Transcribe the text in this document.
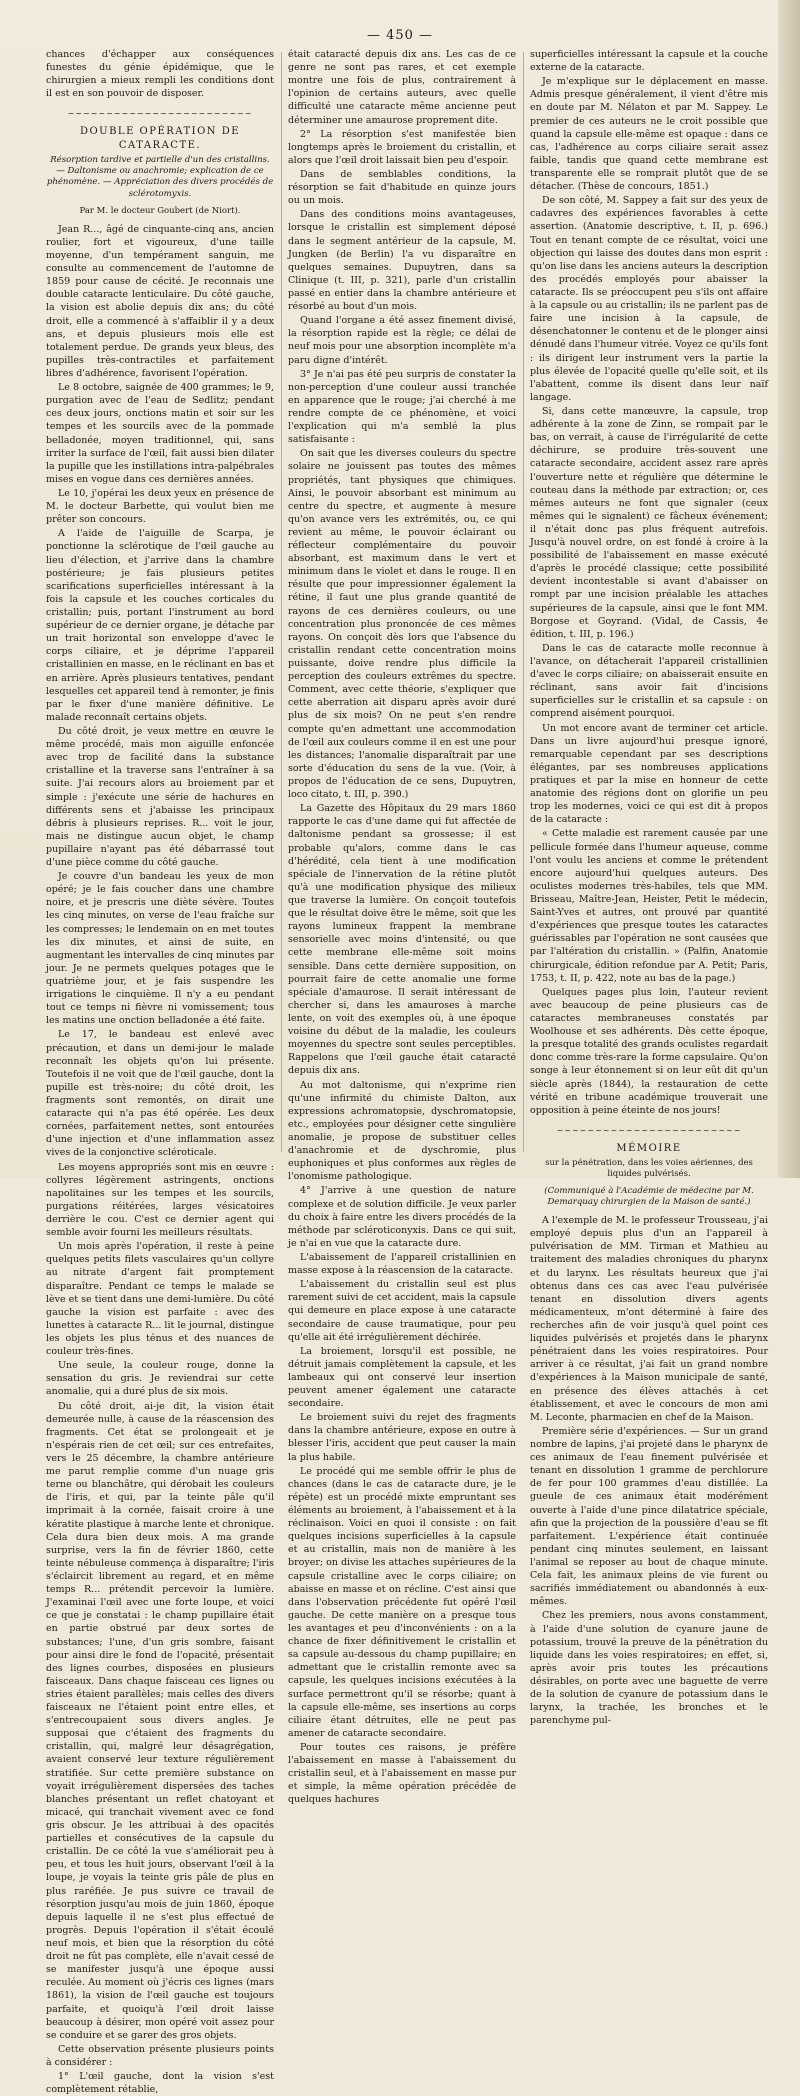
— 450 —

chances d'échapper aux conséquences funestes du génie épidémique, que le chirurgien a mieux rempli les conditions dont il est en son pouvoir de disposer.

~~~~~~~~~~~~~~~~~~~~~~~~
DOUBLE OPÉRATION DE CATARACTE.
Résorption tardive et partielle d'un des cristallins. — Daltonisme ou anachromie; explication de ce phénomène. — Appréciation des divers procédés de sclérotomyxis.
Par M. le docteur Goubert (de Niort).

Jean R..., âgé de cinquante-cinq ans, ancien roulier, fort et vigoureux, d'une taille moyenne, d'un tempérament sanguin, me consulte au commencement de l'automne de 1859 pour cause de cécité. Je reconnais une double cataracte lenticulaire. Du côté gauche, la vision est abolie depuis dix ans; du côté droit, elle a commencé à s'affaiblir il y a deux ans, et depuis plusieurs mois elle est totalement perdue. De grands yeux bleus, des pupilles très-contractiles et parfaitement libres d'adhérence, favorisent l'opération.

Le 8 octobre, saignée de 400 grammes; le 9, purgation avec de l'eau de Sedlitz; pendant ces deux jours, onctions matin et soir sur les tempes et les sourcils avec de la pommade belladonée, moyen traditionnel, qui, sans irriter la surface de l'œil, fait aussi bien dilater la pupille que les instillations intra-palpébrales mises en vogue dans ces dernières années.

Le 10, j'opérai les deux yeux en présence de M. le docteur Barbette, qui voulut bien me prêter son concours.

A l'aide de l'aiguille de Scarpa, je ponctionne la sclérotique de l'œil gauche au lieu d'élection, et j'arrive dans la chambre postérieure; je fais plusieurs petites scarifications superficielles intéressant à la fois la capsule et les couches corticales du cristallin; puis, portant l'instrument au bord supérieur de ce dernier organe, je détache par un trait horizontal son enveloppe d'avec le corps ciliaire, et je déprime l'appareil cristallinien en masse, en le réclinant en bas et en arrière. Après plusieurs tentatives, pendant lesquelles cet appareil tend à remonter, je finis par le fixer d'une manière définitive. Le malade reconnaît certains objets.

Du côté droit, je veux mettre en œuvre le même procédé, mais mon aiguille enfoncée avec trop de facilité dans la substance cristalline et la traverse sans l'entraîner à sa suite. J'ai recours alors au broiement par et simple : j'exécute une série de hachures en différents sens et j'abaisse les principaux débris à plusieurs reprises. R... voit le jour, mais ne distingue aucun objet, le champ pupillaire n'ayant pas été débarrassé tout d'une pièce comme du côté gauche.

Je couvre d'un bandeau les yeux de mon opéré; je le fais coucher dans une chambre noire, et je prescris une diète sévère. Toutes les cinq minutes, on verse de l'eau fraîche sur les compresses; le lendemain on en met toutes les dix minutes, et ainsi de suite, en augmentant les intervalles de cinq minutes par jour. Je ne permets quelques potages que le quatrième jour, et je fais suspendre les irrigations le cinquième. Il n'y a eu pendant tout ce temps ni fièvre ni vomissement; tous les matins une onction belladonée a été faite.

Le 17, le bandeau est enlevé avec précaution, et dans un demi-jour le malade reconnaît les objets qu'on lui présente. Toutefois il ne voit que de l'œil gauche, dont la pupille est très-noire; du côté droit, les fragments sont remontés, on dirait une cataracte qui n'a pas été opérée. Les deux cornées, parfaitement nettes, sont entourées d'une injection et d'une inflammation assez vives de la conjonctive scléroticale.

Les moyens appropriés sont mis en œuvre : collyres légèrement astringents, onctions napolitaines sur les tempes et les sourcils, purgations réitérées, larges vésicatoires derrière le cou. C'est ce dernier agent qui semble avoir fourni les meilleurs résultats.

Un mois après l'opération, il reste à peine quelques petits filets vasculaires qu'un collyre au nitrate d'argent fait promptement disparaître. Pendant ce temps le malade se lève et se tient dans une demi-lumière. Du côté gauche la vision est parfaite : avec des lunettes à cataracte R... lit le journal, distingue les objets les plus ténus et des nuances de couleur très-fines.

Une seule, la couleur rouge, donne la sensation du gris. Je reviendrai sur cette anomalie, qui a duré plus de six mois.

Du côté droit, ai-je dit, la vision était demeurée nulle, à cause de la réascension des fragments. Cet état se prolongeait et je n'espérais rien de cet œil; sur ces entrefaites, vers le 25 décembre, la chambre antérieure me parut remplie comme d'un nuage gris terne ou blanchâtre, qui dérobait les couleurs de l'iris, et qui, par la teinte pâle qu'il imprimait à la cornée, faisait croire à une kératite plastique à marche lente et chronique. Cela dura bien deux mois. A ma grande surprise, vers la fin de février 1860, cette teinte nébuleuse commença à disparaître; l'iris s'éclaircit librement au regard, et en même temps R... prétendit percevoir la lumière. J'examinai l'œil avec une forte loupe, et voici ce que je constatai : le champ pupillaire était en partie obstrué par deux sortes de substances; l'une, d'un gris sombre, faisant pour ainsi dire le fond de l'opacité, présentait des lignes courbes, disposées en plusieurs faisceaux. Dans chaque faisceau ces lignes ou stries étaient parallèles; mais celles des divers faisceaux ne l'étaient point entre elles, et s'entrecoupaient sous divers angles. Je supposai que c'étaient des fragments du cristallin, qui, malgré leur désagrégation, avaient conservé leur texture régulièrement stratifiée. Sur cette première substance on voyait irrégulièrement dispersées des taches blanches présentant un reflet chatoyant et micacé, qui tranchait vivement avec ce fond gris obscur. Je les attribuai à des opacités partielles et consécutives de la capsule du cristallin. De ce côté la vue s'améliorait peu à peu, et tous les huit jours, observant l'œil à la loupe, je voyais la teinte gris pâle de plus en plus raréfiée. Je pus suivre ce travail de résorption jusqu'au mois de juin 1860, époque depuis laquelle il ne s'est plus effectué de progrès. Depuis l'opération il s'était écoulé neuf mois, et bien que la résorption du côté droit ne fût pas complète, elle n'avait cessé de se manifester jusqu'à une époque aussi reculée. Au moment où j'écris ces lignes (mars 1861), la vision de l'œil gauche est toujours parfaite, et quoiqu'à l'œil droit laisse beaucoup à désirer, mon opéré voit assez pour se conduire et se garer des gros objets.

Cette observation présente plusieurs points à considérer :

1° L'œil gauche, dont la vision s'est complètement rétablie,

était cataracté depuis dix ans. Les cas de ce genre ne sont pas rares, et cet exemple montre une fois de plus, contrairement à l'opinion de certains auteurs, avec quelle difficulté une cataracte même ancienne peut déterminer une amaurose proprement dite.

2° La résorption s'est manifestée bien longtemps après le broiement du cristallin, et alors que l'œil droit laissait bien peu d'espoir.

Dans de semblables conditions, la résorption se fait d'habitude en quinze jours ou un mois.

Dans des conditions moins avantageuses, lorsque le cristallin est simplement déposé dans le segment antérieur de la capsule, M. Jungken (de Berlin) l'a vu disparaître en quelques semaines. Dupuytren, dans sa Clinique (t. III, p. 321), parle d'un cristallin passé en entier dans la chambre antérieure et résorbé au bout d'un mois.

Quand l'organe a été assez finement divisé, la résorption rapide est la règle; ce délai de neuf mois pour une absorption incomplète m'a paru digne d'intérêt.

3° Je n'ai pas été peu surpris de constater la non-perception d'une couleur aussi tranchée en apparence que le rouge; j'ai cherché à me rendre compte de ce phénomène, et voici l'explication qui m'a semblé la plus satisfaisante :

On sait que les diverses couleurs du spectre solaire ne jouissent pas toutes des mêmes propriétés, tant physiques que chimiques. Ainsi, le pouvoir absorbant est minimum au centre du spectre, et augmente à mesure qu'on avance vers les extrémités, ou, ce qui revient au même, le pouvoir éclairant ou réflecteur complémentaire du pouvoir absorbant, est maximum dans le vert et minimum dans le violet et dans le rouge. Il en résulte que pour impressionner également la rétine, il faut une plus grande quantité de rayons de ces dernières couleurs, ou une concentration plus prononcée de ces mêmes rayons. On conçoit dès lors que l'absence du cristallin rendant cette concentration moins puissante, doive rendre plus difficile la perception des couleurs extrêmes du spectre. Comment, avec cette théorie, s'expliquer que cette aberration ait disparu après avoir duré plus de six mois? On ne peut s'en rendre compte qu'en admettant une accommodation de l'œil aux couleurs comme il en est une pour les distances; l'anomalie disparaîtrait par une sorte d'éducation du sens de la vue. (Voir, à propos de l'éducation de ce sens, Dupuytren, loco citato, t. III, p. 390.)

La Gazette des Hôpitaux du 29 mars 1860 rapporte le cas d'une dame qui fut affectée de daltonisme pendant sa grossesse; il est probable qu'alors, comme dans le cas d'hérédité, cela tient à une modification spéciale de l'innervation de la rétine plutôt qu'à une modification physique des milieux que traverse la lumière. On conçoit toutefois que le résultat doive être le même, soit que les rayons lumineux frappent la membrane sensorielle avec moins d'intensité, ou que cette membrane elle-même soit moins sensible. Dans cette dernière supposition, on pourrait faire de cette anomalie une forme spéciale d'amaurose. Il serait intéressant de chercher si, dans les amauroses à marche lente, on voit des exemples où, à une époque voisine du début de la maladie, les couleurs moyennes du spectre sont seules perceptibles. Rappelons que l'œil gauche était cataracté depuis dix ans.

Au mot daltonisme, qui n'exprime rien qu'une infirmité du chimiste Dalton, aux expressions achromatopsie, dyschromatopsie, etc., employées pour désigner cette singulière anomalie, je propose de substituer celles d'anachromie et de dyschromie, plus euphoniques et plus conformes aux règles de l'onomisme pathologique.

4° J'arrive à une question de nature complexe et de solution difficile. Je veux parler du choix à faire entre les divers procédés de la méthode par scléroticonyxis. Dans ce qui suit, je n'ai en vue que la cataracte dure.

L'abaissement de l'appareil cristallinien en masse expose à la réascension de la cataracte.

L'abaissement du cristallin seul est plus rarement suivi de cet accident, mais la capsule qui demeure en place expose à une cataracte secondaire de cause traumatique, pour peu qu'elle ait été irrégulièrement déchirée.

La broiement, lorsqu'il est possible, ne détruit jamais complètement la capsule, et les lambeaux qui ont conservé leur insertion peuvent amener également une cataracte secondaire.

Le broiement suivi du rejet des fragments dans la chambre antérieure, expose en outre à blesser l'iris, accident que peut causer la main la plus habile.

Le procédé qui me semble offrir le plus de chances (dans le cas de cataracte dure, je le répète) est un procédé mixte empruntant ses éléments au broiement, à l'abaissement et à la réclinaison. Voici en quoi il consiste : on fait quelques incisions superficielles à la capsule et au cristallin, mais non de manière à les broyer; on divise les attaches supérieures de la capsule cristalline avec le corps ciliaire; on abaisse en masse et on récline. C'est ainsi que dans l'observation précédente fut opéré l'œil gauche. De cette manière on a presque tous les avantages et peu d'inconvénients : on a la chance de fixer définitivement le cristallin et sa capsule au-dessous du champ pupillaire; en admettant que le cristallin remonte avec sa capsule, les quelques incisions exécutées à la surface permettront qu'il se résorbe; quant à la capsule elle-même, ses insertions au corps ciliaire étant détruites, elle ne peut pas amener de cataracte secondaire.

Pour toutes ces raisons, je préfère l'abaissement en masse à l'abaissement du cristallin seul, et à l'abaissement en masse pur et simple, la même opération précédée de quelques hachures

superficielles intéressant la capsule et la couche externe de la cataracte.

Je m'explique sur le déplacement en masse. Admis presque généralement, il vient d'être mis en doute par M. Nélaton et par M. Sappey. Le premier de ces auteurs ne le croit possible que quand la capsule elle-même est opaque : dans ce cas, l'adhérence au corps ciliaire serait assez faible, tandis que quand cette membrane est transparente elle se romprait plutôt que de se détacher. (Thèse de concours, 1851.)

De son côté, M. Sappey a fait sur des yeux de cadavres des expériences favorables à cette assertion. (Anatomie descriptive, t. II, p. 696.) Tout en tenant compte de ce résultat, voici une objection qui laisse des doutes dans mon esprit : qu'on lise dans les anciens auteurs la description des procédés employés pour abaisser la cataracte. Ils se préoccupent peu s'ils ont affaire à la capsule ou au cristallin; ils ne parlent pas de faire une incision à la capsule, de désenchatonner le contenu et de le plonger ainsi dénudé dans l'humeur vitrée. Voyez ce qu'ils font : ils dirigent leur instrument vers la partie la plus élevée de l'opacité quelle qu'elle soit, et ils l'abattent, comme ils disent dans leur naïf langage.

Si, dans cette manœuvre, la capsule, trop adhérente à la zone de Zinn, se rompait par le bas, on verrait, à cause de l'irrégularité de cette déchirure, se produire très-souvent une cataracte secondaire, accident assez rare après l'ouverture nette et régulière que détermine le couteau dans la méthode par extraction; or, ces mêmes auteurs ne font que signaler (ceux mêmes qui le signalent) ce fâcheux événement; il n'était donc pas plus fréquent autrefois. Jusqu'à nouvel ordre, on est fondé à croire à la possibilité de l'abaissement en masse exécuté d'après le procédé classique; cette possibilité devient incontestable si avant d'abaisser on rompt par une incision préalable les attaches supérieures de la capsule, ainsi que le font MM. Borgose et Goyrand. (Vidal, de Cassis, 4e édition, t. III, p. 196.)

Dans le cas de cataracte molle reconnue à l'avance, on détacherait l'appareil cristallinien d'avec le corps ciliaire; on abaisserait ensuite en réclinant, sans avoir fait d'incisions superficielles sur le cristallin et sa capsule : on comprend aisément pourquoi.

Un mot encore avant de terminer cet article. Dans un livre aujourd'hui presque ignoré, remarquable cependant par ses descriptions élégantes, par ses nombreuses applications pratiques et par la mise en honneur de cette anatomie des régions dont on glorifie un peu trop les modernes, voici ce qui est dit à propos de la cataracte :

« Cette maladie est rarement causée par une pellicule formée dans l'humeur aqueuse, comme l'ont voulu les anciens et comme le prétendent encore aujourd'hui quelques auteurs. Des oculistes modernes très-habiles, tels que MM. Brisseau, Maître-Jean, Heister, Petit le médecin, Saint-Yves et autres, ont prouvé par quantité d'expériences que presque toutes les cataractes guérissables par l'opération ne sont causées que par l'altération du cristallin. » (Palfin, Anatomie chirurgicale, édition refondue par A. Petit; Paris, 1753, t. II, p. 422, note au bas de la page.)

Quelques pages plus loin, l'auteur revient avec beaucoup de peine plusieurs cas de cataractes membraneuses constatés par Woolhouse et ses adhérents. Dès cette époque, la presque totalité des grands oculistes regardait donc comme très-rare la forme capsulaire. Qu'on songe à leur étonnement si on leur eût dit qu'un siècle après (1844), la restauration de cette vérité en tribune académique trouverait une opposition à peine éteinte de nos jours!

~~~~~~~~~~~~~~~~~~~~~~~~
MÉMOIRE
sur la pénétration, dans les voies aériennes, des liquides pulvérisés.
(Communiqué à l'Académie de médecine par M. Demarquay chirurgien de la Maison de santé.)

A l'exemple de M. le professeur Trousseau, j'ai employé depuis plus d'un an l'appareil à pulvérisation de MM. Tirman et Mathieu au traitement des maladies chroniques du pharynx et du larynx. Les résultats heureux que j'ai obtenus dans ces cas avec l'eau pulvérisée tenant en dissolution divers agents médicamenteux, m'ont déterminé à faire des recherches afin de voir jusqu'à quel point ces liquides pulvérisés et projetés dans le pharynx pénétraient dans les voies respiratoires. Pour arriver à ce résultat, j'ai fait un grand nombre d'expériences à la Maison municipale de santé, en présence des élèves attachés à cet établissement, et avec le concours de mon ami M. Leconte, pharmacien en chef de la Maison.

Première série d'expériences. — Sur un grand nombre de lapins, j'ai projeté dans le pharynx de ces animaux de l'eau finement pulvérisée et tenant en dissolution 1 gramme de perchlorure de fer pour 100 grammes d'eau distillée. La gueule de ces animaux était modérément ouverte à l'aide d'une pince dilatatrice spéciale, afin que la projection de la poussière d'eau se fît parfaitement. L'expérience était continuée pendant cinq minutes seulement, en laissant l'animal se reposer au bout de chaque minute. Cela fait, les animaux pleins de vie furent ou sacrifiés immédiatement ou abandonnés à eux-mêmes.

Chez les premiers, nous avons constamment, à l'aide d'une solution de cyanure jaune de potassium, trouvé la preuve de la pénétration du liquide dans les voies respiratoires; en effet, si, après avoir pris toutes les précautions désirables, on porte avec une baguette de verre de la solution de cyanure de potassium dans le larynx, la trachée, les bronches et le parenchyme pul-
